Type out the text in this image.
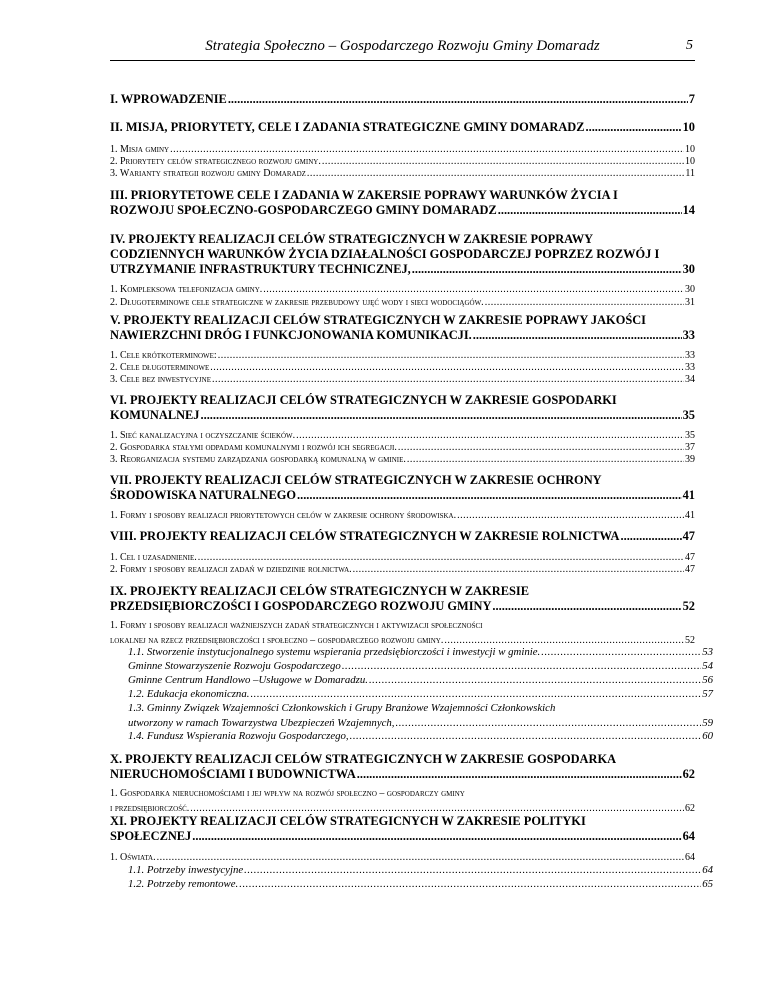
Strategia Społeczno – Gospodarczego Rozwoju Gminy Domaradz	5
I. WPROWADZENIE .....	7
II. MISJA, PRIORYTETY, CELE I ZADANIA STRATEGICZNE GMINY DOMARADZ .....	10
1. Misja gminy .....	10
2. Priorytety celów strategicznego rozwoju gminy. .....	10
3. Warianty strategii rozwoju gminy Domaradz .....	11
III. PRIORYTETOWE CELE I ZADANIA W ZAKERSIE POPRAWY WARUNKÓW ŻYCIA I
ROZWOJU SPOŁECZNO-GOSPODARCZEGO GMINY DOMARADZ .....	14
IV. PROJEKTY REALIZACJI CELÓW STRATEGICZNYCH W ZAKRESIE POPRAWY
CODZIENNYCH WARUNKÓW ŻYCIA DZIAŁALNOŚCI GOSPODARCZEJ POPRZEZ ROZWÓJ I
UTRZYMANIE INFRASTRUKTURY TECHNICZNEJ, .....	30
1. Kompleksowa telefonizacja gminy. .....	30
2. Długoterminowe cele strategiczne w zakresie przebudowy ujęć wody i sieci wodociągów. .....	31
V. PROJEKTY REALIZACJI CELÓW STRATEGICZNYCH W ZAKRESIE POPRAWY JAKOŚCI
NAWIERZCHNI DRÓG I FUNKCJONOWANIA KOMUNIKACJI. .....	33
1. Cele krótkoterminowe: .....	33
2. Cele długoterminowe .....	33
3. Cele bez inwestycyjne .....	34
VI. PROJEKTY REALIZACJI CELÓW STRATEGICZNYCH W ZAKRESIE GOSPODARKI
KOMUNALNEJ .....	35
1. Sieć kanalizacyjna i oczyszczanie ścieków. .....	35
2. Gospodarka stałymi odpadami komunalnymi i rozwój ich segregacji. .....	37
3. Reorganizacja systemu zarządzania gospodarką komunalną w gminie. .....	39
VII. PROJEKTY REALIZACJI CELÓW STRATEGICZNYCH W ZAKRESIE OCHRONY
ŚRODOWISKA NATURALNEGO .....	41
1. Formy i sposoby realizacji priorytetowych celów w zakresie ochrony środowiska. .....	41
VIII. PROJEKTY REALIZACJI CELÓW STRATEGICZNYCH W ZAKRESIE ROLNICTWA .....	47
1. Cel i uzasadnienie. .....	47
2. Formy i sposoby realizacji zadań w dziedzinie rolnictwa. .....	47
IX. PROJEKTY REALIZACJI CELÓW STRATEGICZNYCH W ZAKRESIE
PRZEDSIĘBIORCZOŚCI I GOSPODARCZEGO ROZWOJU GMINY .....	52
1. Formy i sposoby realizacji ważniejszych zadań strategicznych i aktywizacji społeczności
lokalnej na rzecz przedsiębiorczości i społeczno – gospodarczego rozwoju gminy. .....	52
1.1. Stworzenie instytucjonalnego systemu wspierania przedsiębiorczości i inwestycji w gminie. .....	53
Gminne Stowarzyszenie Rozwoju Gospodarczego .....	54
Gminne Centrum Handlowo –Usługowe w Domaradzu. .....	56
1.2. Edukacja ekonomiczna. .....	57
1.3. Gminny Związek Wzajemności Członkowskich i Grupy Branżowe Wzajemności Członkowskich
utworzony w ramach Towarzystwa Ubezpieczeń Wzajemnych, .....	59
1.4. Fundusz Wspierania Rozwoju Gospodarczego, .....	60
X. PROJEKTY REALIZACJI CELÓW STRATEGICZNYCH W ZAKRESIE GOSPODARKA
NIERUCHOMOŚCIAMI I BUDOWNICTWA .....	62
1. Gospodarka nieruchomościami i jej wpływ na rozwój społeczno – gospodarczy gminy
i przedsiębiorczość. .....	62
XI. PROJEKTY REALIZACJI CELÓW STRATEGICNYCH W ZAKRESIE POLITYKI
SPOŁECZNEJ .....	64
1. Oświata. .....	64
1.1. Potrzeby inwestycyjne .....	64
1.2. Potrzeby remontowe. .....	65
